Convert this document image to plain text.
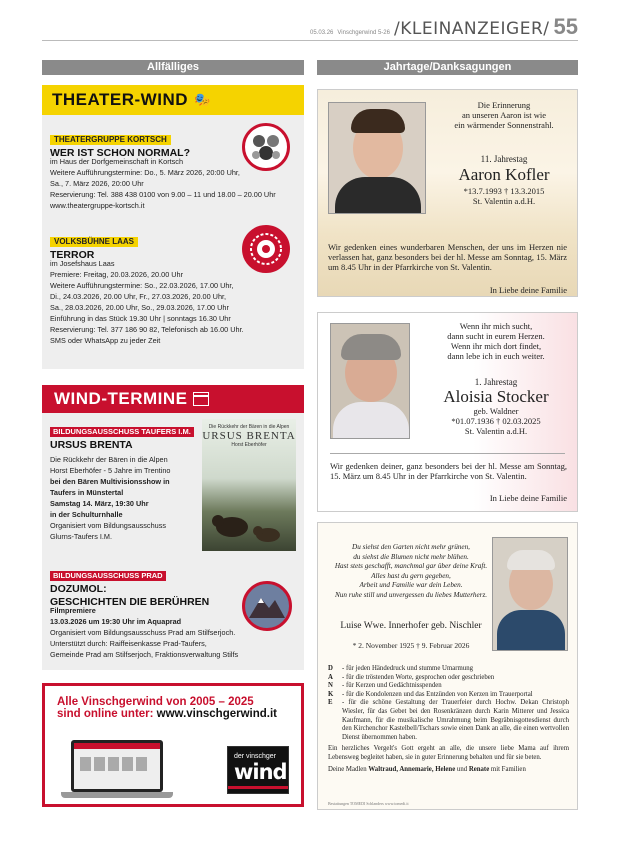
05.03.26 Vinschgerwind 5-26 /KLEINANZEIGER/ 55
Allfälliges	Jahrtage/Danksagungen
THEATER-WIND 🎭
THEATERGRUPPE KORTSCH
WER IST SCHON NORMAL?
im Haus der Dorfgemeinschaft in Kortsch
Weitere Aufführungstermine: Do., 5. März 2026, 20:00 Uhr,
Sa., 7. März 2026, 20:00 Uhr
Reservierung: Tel. 388 438 0100 von 9.00 – 11 und 18.00 – 20.00 Uhr
www.theatergruppe-kortsch.it
VOLKSBÜHNE LAAS
TERROR
im Josefshaus Laas
Premiere: Freitag, 20.03.2026, 20.00 Uhr
Weitere Aufführungstermine: So., 22.03.2026, 17.00 Uhr,
Di., 24.03.2026, 20.00 Uhr, Fr., 27.03.2026, 20.00 Uhr,
Sa., 28.03.2026, 20.00 Uhr, So., 29.03.2026, 17.00 Uhr
Einführung in das Stück 19.30 Uhr | sonntags 16.30 Uhr
Reservierung: Tel. 377 186 90 82, Telefonisch ab 16.00 Uhr.
SMS oder WhatsApp zu jeder Zeit
WIND-TERMINE
BILDUNGSAUSSCHUSS TAUFERS I.M.
URSUS BRENTA
Die Rückkehr der Bären in die Alpen
Horst Eberhöfer - 5 Jahre im Trentino
bei den Bären Multivisionsshow in
Taufers in Münstertal
Samstag 14. März, 19:30 Uhr
in der Schulturnhalle
Organisiert vom Bildungsausschuss
Glurns-Taufers I.M.
Die Rückkehr der Bären in die Alpen
URSUS BRENTA
Horst Eberhöfer
BILDUNGSAUSSCHUSS PRAD
DOZUMOL:
GESCHICHTEN DIE BERÜHREN
Filmpremiere
13.03.2026 um 19:30 Uhr im Aquaprad
Organisiert vom Bildungsausschuss Prad am Stilfserjoch.
Unterstützt durch: Raiffeisenkasse Prad-Taufers,
Gemeinde Prad am Stilfserjoch, Fraktionsverwaltung Stilfs
Alle Vinschgerwind von 2005 – 2025
sind online unter: www.vinschgerwind.it
der vinschger
wind
Die Erinnerung
an unseren Aaron ist wie
ein wärmender Sonnenstrahl.
11. Jahrestag
Aaron Kofler
*13.7.1993 † 13.3.2015
St. Valentin a.d.H.
Wir gedenken eines wunderbaren Menschen, der uns im Herzen nie verlassen hat, ganz besonders bei der hl. Messe am Sonntag, 15. März um 8.45 Uhr in der Pfarrkirche von St. Valentin.
In Liebe deine Familie
Wenn ihr mich sucht,
dann sucht in eurem Herzen.
Wenn ihr mich dort findet,
dann lebe ich in euch weiter.
1. Jahrestag
Aloisia Stocker
geb. Waldner
*01.07.1936 † 02.03.2025
St. Valentin a.d.H.
Wir gedenken deiner, ganz besonders bei der hl. Messe am Sonntag, 15. März um 8.45 Uhr in der Pfarrkirche von St. Valentin.
In Liebe deine Familie
Du siehst den Garten nicht mehr grünen,
du siehst die Blumen nicht mehr blühen.
Hast stets geschafft, manchmal gar über deine Kraft.
Alles hast du gern gegeben,
Arbeit und Familie war dein Leben.
Nun ruhe still und unvergessen du liebes Mutterherz.
Luise Wwe. Innerhofer geb. Nischler
* 2. November 1925 † 9. Februar 2026
D	- für jeden Händedruck und stumme Umarmung
A	- für die tröstenden Worte, gesprochen oder geschrieben
N	- für Kerzen und Gedächtnisspenden
K	- für die Kondolenzen und das Entzünden von Kerzen im Trauerportal
E	- für die schöne Gestaltung der Trauerfeier durch Hochw. Dekan Christoph Wiesler, für das Gebet bei den Rosenkränzen durch Karin Mitterer und Jessica Kaufmann, für die musikalische Umrahmung beim Begräbnisgottesdienst durch den Kirchenchor Kastelbell/Tschars sowie einen Dank an alle, die einen wertvollen Dienst übernommen haben.
Ein herzliches Vergelt's Gott ergeht an alle, die unsere liebe Mama auf ihrem Lebensweg begleitet haben, sie in guter Erinnerung behalten und für sie beten.
Deine Madlen Waltraud, Annemarie, Helene und Renate mit Familien
Bestattungen TOMEDI Schlanders www.tomedi.it
